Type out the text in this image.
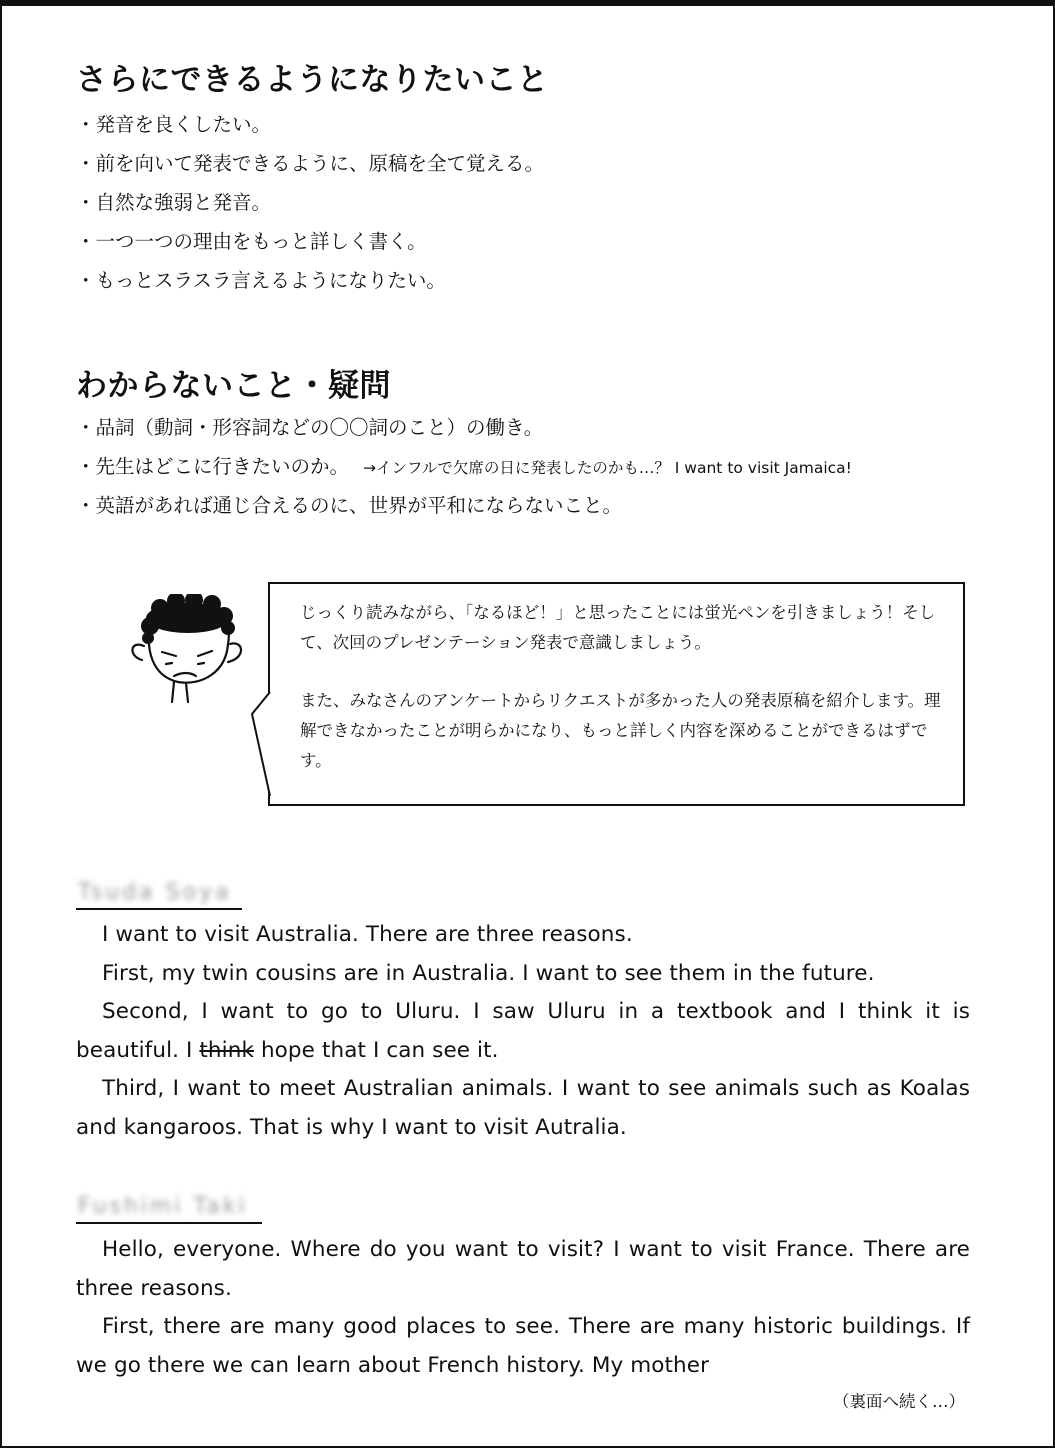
さらにできるようになりたいこと
・発音を良くしたい。
・前を向いて発表できるように、原稿を全て覚える。
・自然な強弱と発音。
・一つ一つの理由をもっと詳しく書く。
・もっとスラスラ言えるようになりたい。
わからないこと・疑問
・品詞（動詞・形容詞などの〇〇詞のこと）の働き。
・先生はどこに行きたいのか。 →インフルで欠席の日に発表したのかも…？ I want to visit Jamaica!
・英語があれば通じ合えるのに、世界が平和にならないこと。

じっくり読みながら、「なるほど！」と思ったことには蛍光ペンを引きましょう！そして、次回のプレゼンテーション発表で意識しましょう。

また、みなさんのアンケートからリクエストが多かった人の発表原稿を紹介します。理解できなかったことが明らかになり、もっと詳しく内容を深めることができるはずです。

Tsuda Soya
I want to visit Australia. There are three reasons.
First, my twin cousins are in Australia. I want to see them in the future.
Second, I want to go to Uluru. I saw Uluru in a textbook and I think it is beautiful. I think hope that I can see it.
Third, I want to meet Australian animals. I want to see animals such as Koalas and kangaroos. That is why I want to visit Autralia.
Fushimi Taki
Hello, everyone. Where do you want to visit? I want to visit France. There are three reasons.
First, there are many good places to see. There are many historic buildings. If we go there we can learn about French history. My mother
（裏面へ続く…）
